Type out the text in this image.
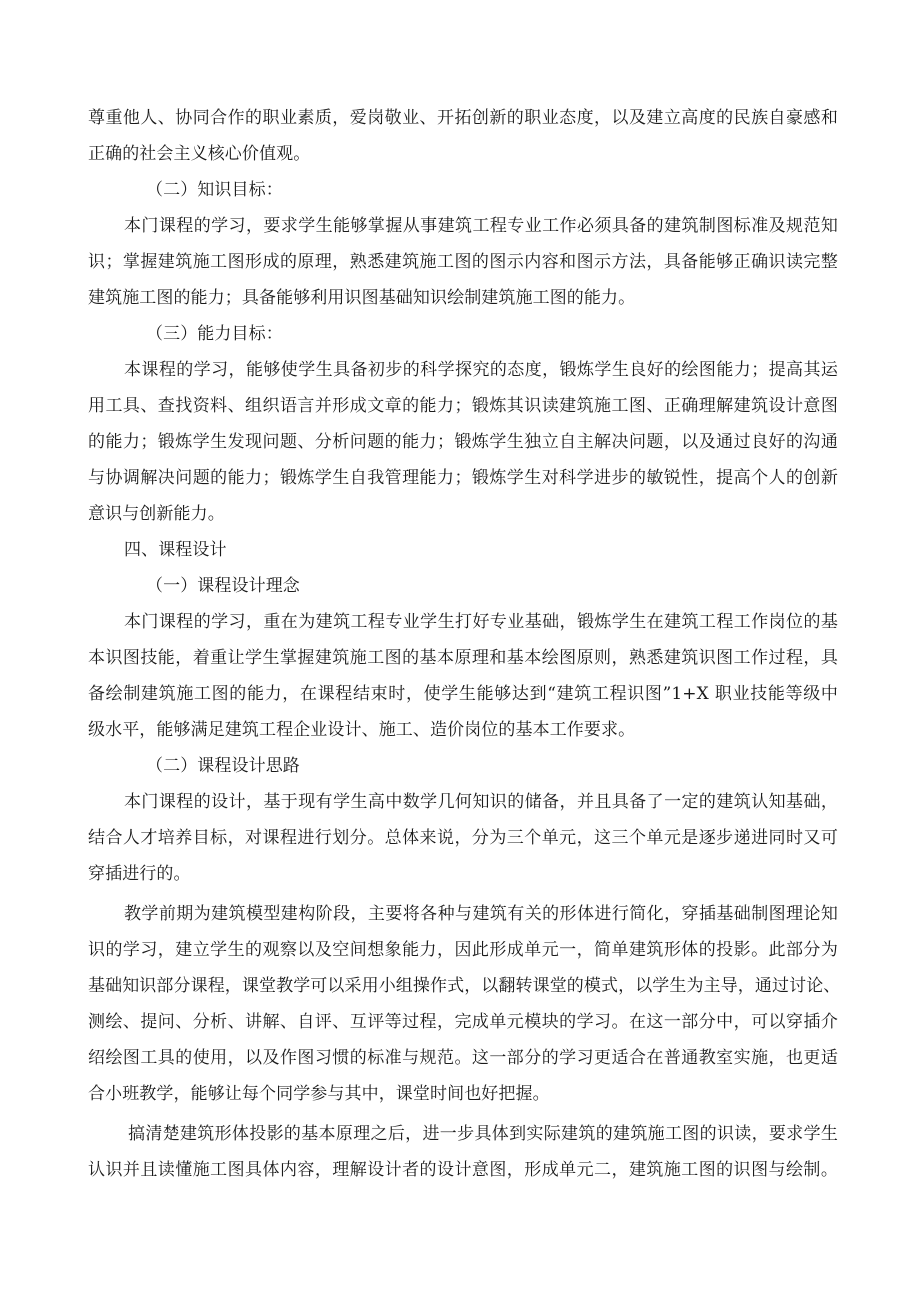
尊重他人、协同合作的职业素质，爱岗敬业、开拓创新的职业态度，以及建立高度的民族自豪感和
正确的社会主义核心价值观。
（二）知识目标：
本门课程的学习，要求学生能够掌握从事建筑工程专业工作必须具备的建筑制图标准及规范知
识；掌握建筑施工图形成的原理，熟悉建筑施工图的图示内容和图示方法，具备能够正确识读完整
建筑施工图的能力；具备能够利用识图基础知识绘制建筑施工图的能力。
（三）能力目标：
本课程的学习，能够使学生具备初步的科学探究的态度，锻炼学生良好的绘图能力；提高其运
用工具、查找资料、组织语言并形成文章的能力；锻炼其识读建筑施工图、正确理解建筑设计意图
的能力；锻炼学生发现问题、分析问题的能力；锻炼学生独立自主解决问题，以及通过良好的沟通
与协调解决问题的能力；锻炼学生自我管理能力；锻炼学生对科学进步的敏锐性，提高个人的创新
意识与创新能力。
四、课程设计
（一）课程设计理念
本门课程的学习，重在为建筑工程专业学生打好专业基础，锻炼学生在建筑工程工作岗位的基
本识图技能，着重让学生掌握建筑施工图的基本原理和基本绘图原则，熟悉建筑识图工作过程，具
备绘制建筑施工图的能力，在课程结束时，使学生能够达到“建筑工程识图”1+X 职业技能等级中
级水平，能够满足建筑工程企业设计、施工、造价岗位的基本工作要求。
（二）课程设计思路
本门课程的设计，基于现有学生高中数学几何知识的储备，并且具备了一定的建筑认知基础，
结合人才培养目标，对课程进行划分。总体来说，分为三个单元，这三个单元是逐步递进同时又可
穿插进行的。
教学前期为建筑模型建构阶段，主要将各种与建筑有关的形体进行简化，穿插基础制图理论知
识的学习，建立学生的观察以及空间想象能力，因此形成单元一，简单建筑形体的投影。此部分为
基础知识部分课程，课堂教学可以采用小组操作式，以翻转课堂的模式，以学生为主导，通过讨论、
测绘、提问、分析、讲解、自评、互评等过程，完成单元模块的学习。在这一部分中，可以穿插介
绍绘图工具的使用，以及作图习惯的标准与规范。这一部分的学习更适合在普通教室实施，也更适
合小班教学，能够让每个同学参与其中，课堂时间也好把握。
搞清楚建筑形体投影的基本原理之后，进一步具体到实际建筑的建筑施工图的识读，要求学生
认识并且读懂施工图具体内容，理解设计者的设计意图，形成单元二，建筑施工图的识图与绘制。
